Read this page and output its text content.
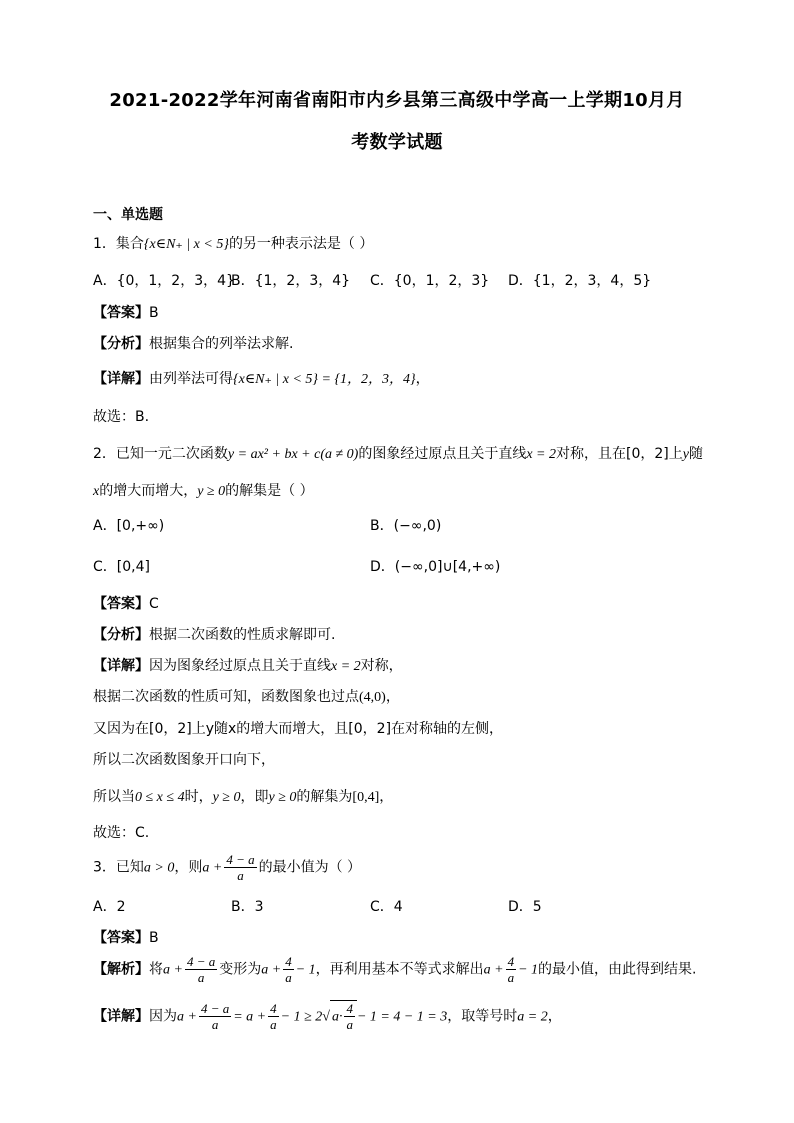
2021-2022学年河南省南阳市内乡县第三高级中学高一上学期10月月
考数学试题
一、单选题
1．集合{x∈N₊ | x < 5}的另一种表示法是（ ）
A．{0，1，2，3，4}
B．{1，2，3，4} C．{0，1，2，3} D．{1，2，3，4，5}
【答案】B
【分析】根据集合的列举法求解.
【详解】由列举法可得{x∈N₊ | x < 5} = {1，2，3，4}，
故选：B.
2．已知一元二次函数y = ax² + bx + c(a ≠ 0)的图象经过原点且关于直线x = 2对称，且在[0，2]上y随
x的增大而增大，y ≥ 0的解集是（ ）
A．[0,+∞)	B．(−∞,0)
C．[0,4]	D．(−∞,0]∪[4,+∞)
【答案】C
【分析】根据二次函数的性质求解即可.
【详解】因为图象经过原点且关于直线x = 2对称，
根据二次函数的性质可知，函数图象也过点(4,0)，
又因为在[0，2]上y随x的增大而增大，且[0，2]在对称轴的左侧，
所以二次函数图象开口向下，
所以当0 ≤ x ≤ 4时，y ≥ 0，即y ≥ 0的解集为[0,4]，
故选：C.
3．已知a > 0，则$a + \frac{4 - a}{a}$ 的最小值为（ ）
A．2	B．3	C．4	D．5
【答案】B
【解析】将$a + \frac{4 - a}{a}$ 变形为$a + \frac{4}{a} - 1$，再利用基本不等式求解出$a + \frac{4}{a} - 1$的最小值，由此得到结果.
【详解】因为$a + \frac{4 - a}{a} = a + \frac{4}{a} - 1 \ge 2√$ $a\cdot \frac{4}{a} - 1 = 4 - 1 = 3$，取等号时a = 2，
